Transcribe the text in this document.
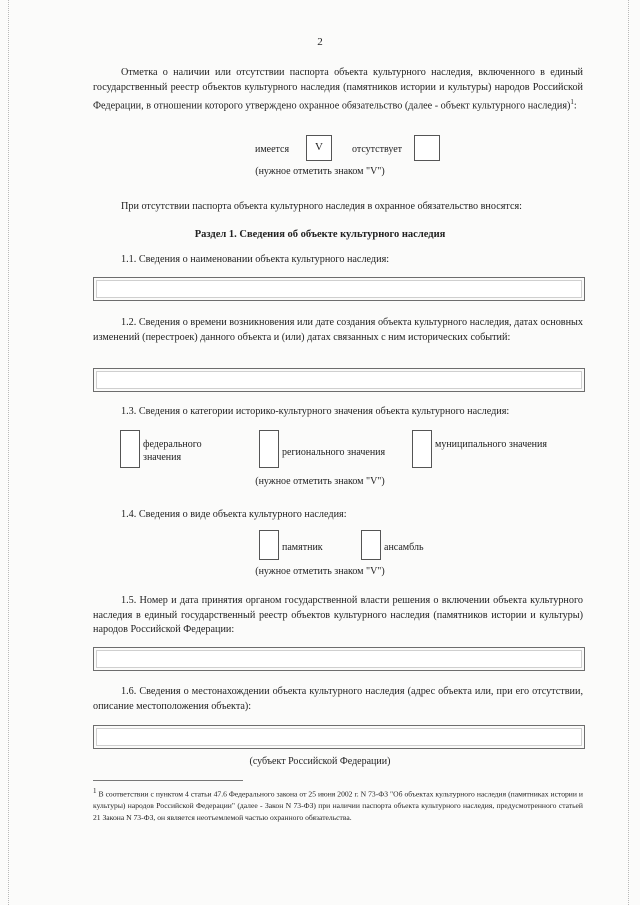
2
Отметка о наличии или отсутствии паспорта объекта культурного наследия, включенного в единый государственный реестр объектов культурного наследия (памятников истории и культуры) народов Российской Федерации, в отношении которого утверждено охранное обязательство (далее - объект культурного наследия)$^1$:
имеется	V	отсутствует
(нужное отметить знаком "V")
При отсутствии паспорта объекта культурного наследия в охранное обязательство вносятся:
Раздел 1. Сведения об объекте культурного наследия
1.1. Сведения о наименовании объекта культурного наследия:
1.2. Сведения о времени возникновения или дате создания объекта культурного наследия, датах основных изменений (перестроек) данного объекта и (или) датах связанных с ним исторических событий:
1.3. Сведения о категории историко-культурного значения объекта культурного наследия:
федерального значения	регионального значения
муниципального значения
(нужное отметить знаком "V")
1.4. Сведения о виде объекта культурного наследия:
памятник	ансамбль
(нужное отметить знаком "V")
1.5. Номер и дата принятия органом государственной власти решения о включении объекта культурного наследия в единый государственный реестр объектов культурного наследия (памятников истории и культуры) народов Российской Федерации:
1.6. Сведения о местонахождении объекта культурного наследия (адрес объекта или, при его отсутствии, описание местоположения объекта):
(субъект Российской Федерации)
$^1$ В соответствии с пунктом 4 статьи 47.6 Федерального закона от 25 июня 2002 г. N 73-ФЗ "Об объектах культурного наследия (памятниках истории и культуры) народов Российской Федерации" (далее - Закон N 73-ФЗ) при наличии паспорта объекта культурного наследия, предусмотренного статьей 21 Закона N 73-ФЗ, он является неотъемлемой частью охранного обязательства.
